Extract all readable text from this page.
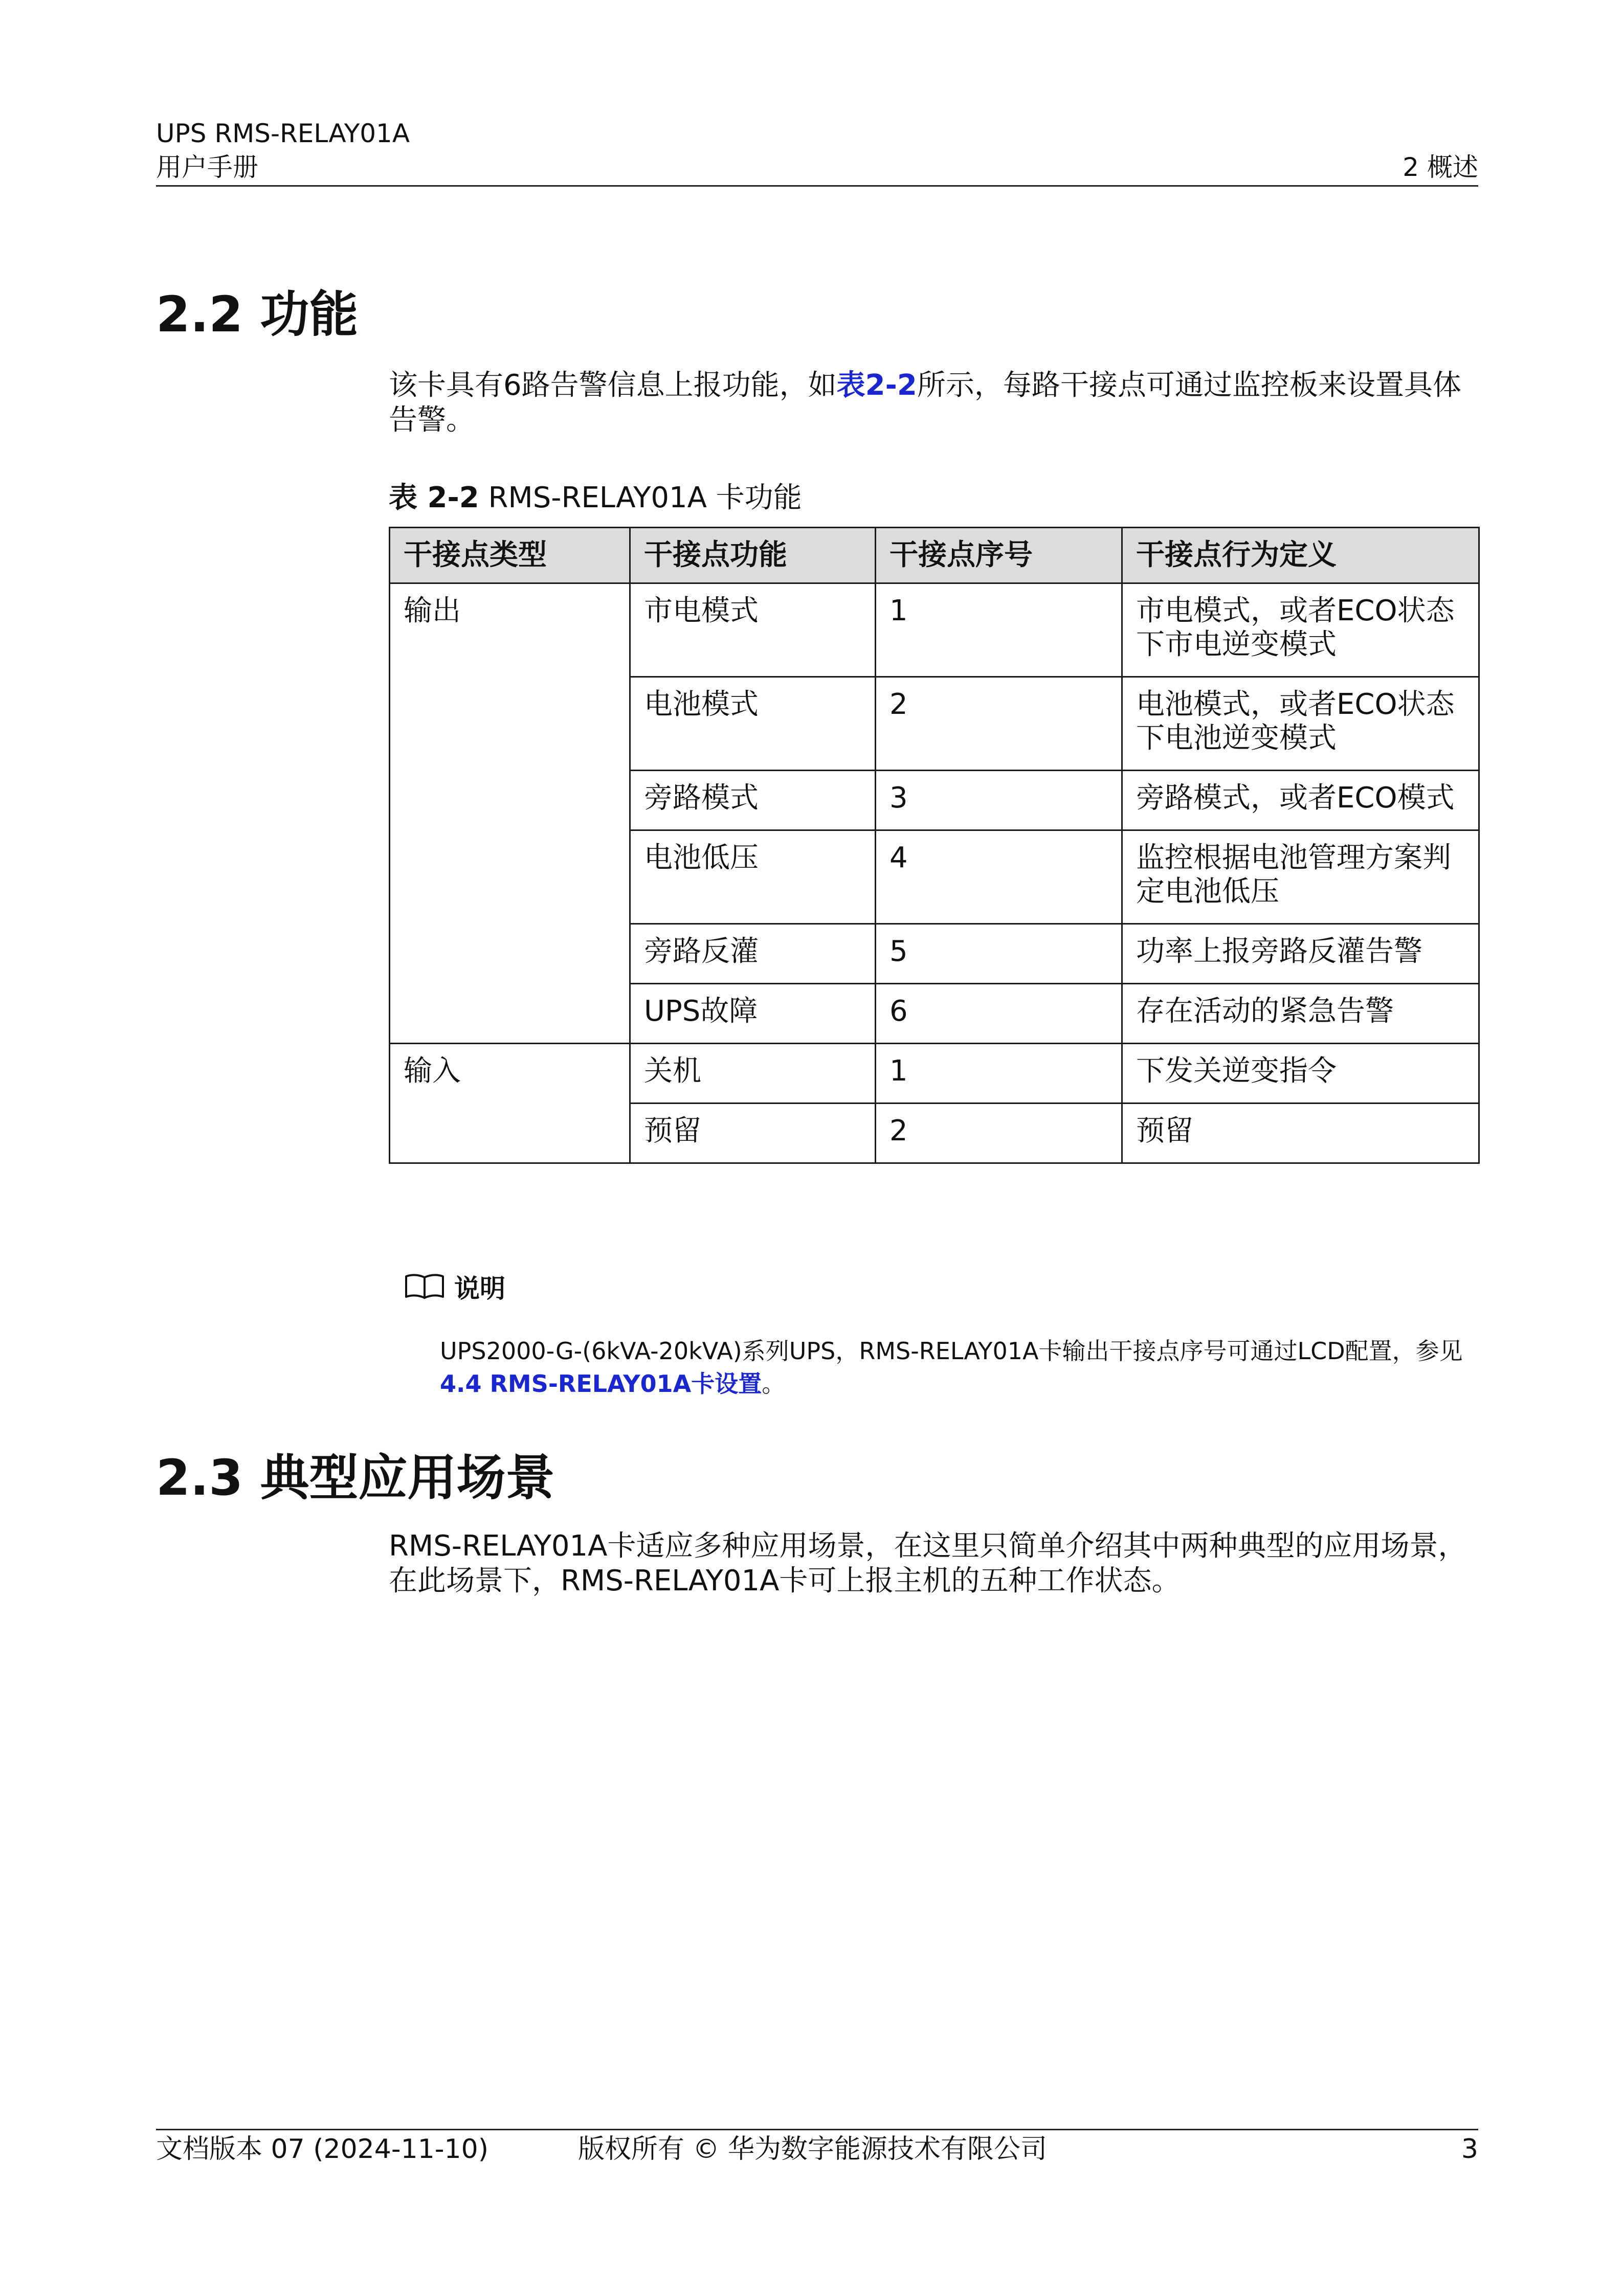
UPS RMS-RELAY01A
用户手册	2 概述
2.2 功能
该卡具有6路告警信息上报功能，如表2-2所示，每路干接点可通过监控板来设置具体告警。
表 2-2 RMS-RELAY01A 卡功能
干接点类型	干接点功能	干接点序号	干接点行为定义
输出	市电模式	1	市电模式，或者ECO状态下市电逆变模式
	电池模式	2	电池模式，或者ECO状态下电池逆变模式
	旁路模式	3	旁路模式，或者ECO模式
	电池低压	4	监控根据电池管理方案判定电池低压
	旁路反灌	5	功率上报旁路反灌告警
	UPS故障	6	存在活动的紧急告警
输入	关机	1	下发关逆变指令
	预留	2	预留
说明
UPS2000-G-(6kVA-20kVA)系列UPS，RMS-RELAY01A卡输出干接点序号可通过LCD配置，参见
4.4 RMS-RELAY01A卡设置。
2.3 典型应用场景
RMS-RELAY01A卡适应多种应用场景，在这里只简单介绍其中两种典型的应用场景，在此场景下，RMS-RELAY01A卡可上报主机的五种工作状态。
文档版本 07 (2024-11-10)	版权所有 © 华为数字能源技术有限公司	3
